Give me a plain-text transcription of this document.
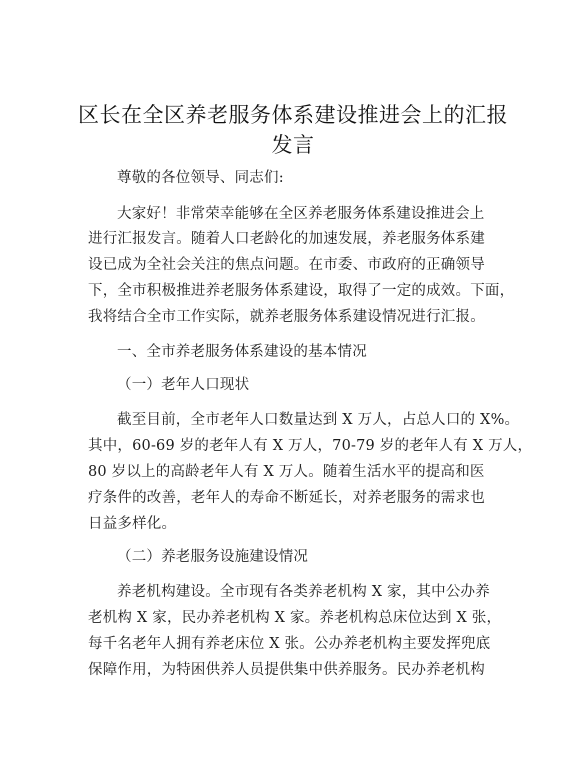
区长在全区养老服务体系建设推进会上的汇报
发言
尊敬的各位领导、同志们:
大家好！非常荣幸能够在全区养老服务体系建设推进会上
进行汇报发言。随着人口老龄化的加速发展，养老服务体系建
设已成为全社会关注的焦点问题。在市委、市政府的正确领导
下，全市积极推进养老服务体系建设，取得了一定的成效。下面，
我将结合全市工作实际，就养老服务体系建设情况进行汇报。
一、全市养老服务体系建设的基本情况
（一）老年人口现状
截至目前，全市老年人口数量达到 X 万人，占总人口的 X%。
其中，60-69 岁的老年人有 X 万人，70-79 岁的老年人有 X 万人，
80 岁以上的高龄老年人有 X 万人。随着生活水平的提高和医
疗条件的改善，老年人的寿命不断延长，对养老服务的需求也
日益多样化。
（二）养老服务设施建设情况
养老机构建设。全市现有各类养老机构 X 家，其中公办养
老机构 X 家，民办养老机构 X 家。养老机构总床位达到 X 张，
每千名老年人拥有养老床位 X 张。公办养老机构主要发挥兜底
保障作用，为特困供养人员提供集中供养服务。民办养老机构
